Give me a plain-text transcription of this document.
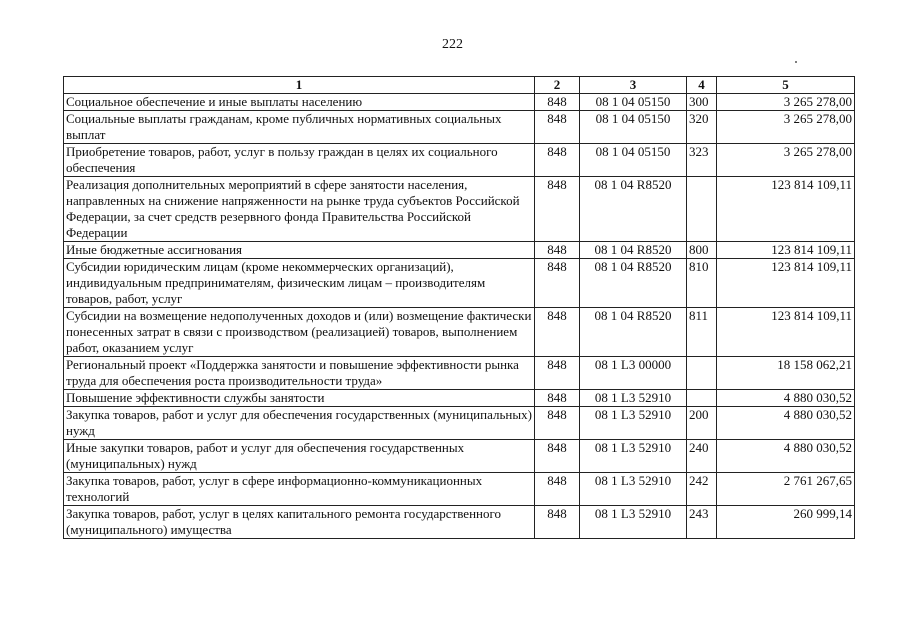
222
1	2	3	4	5
Социальное обеспечение и иные выплаты населению	848	08 1 04 05150	300	3 265 278,00
Социальные выплаты гражданам, кроме публичных нормативных социальных выплат	848	08 1 04 05150	320	3 265 278,00
Приобретение товаров, работ, услуг в пользу граждан в целях их социального обеспечения	848	08 1 04 05150	323	3 265 278,00
Реализация дополнительных мероприятий в сфере занятости населения, направленных на снижение напряженности на рынке труда субъектов Российской Федерации, за счет средств резервного фонда Правительства Российской Федерации	848	08 1 04 R8520		123 814 109,11
Иные бюджетные ассигнования	848	08 1 04 R8520	800	123 814 109,11
Субсидии юридическим лицам (кроме некоммерческих организаций), индивидуальным предпринимателям, физическим лицам – производителям товаров, работ, услуг	848	08 1 04 R8520	810	123 814 109,11
Субсидии на возмещение недополученных доходов и (или) возмещение фактически понесенных затрат в связи с производством (реализацией) товаров, выполнением работ, оказанием услуг	848	08 1 04 R8520	811	123 814 109,11
Региональный проект «Поддержка занятости и повышение эффективности рынка труда для обеспечения роста производительности труда»	848	08 1 L3 00000		18 158 062,21
Повышение эффективности службы занятости	848	08 1 L3 52910		4 880 030,52
Закупка товаров, работ и услуг для обеспечения государственных (муниципальных) нужд	848	08 1 L3 52910	200	4 880 030,52
Иные закупки товаров, работ и услуг для обеспечения государственных (муниципальных) нужд	848	08 1 L3 52910	240	4 880 030,52
Закупка товаров, работ, услуг в сфере информационно-коммуникационных технологий	848	08 1 L3 52910	242	2 761 267,65
Закупка товаров, работ, услуг в целях капитального ремонта государственного (муниципального) имущества	848	08 1 L3 52910	243	260 999,14
